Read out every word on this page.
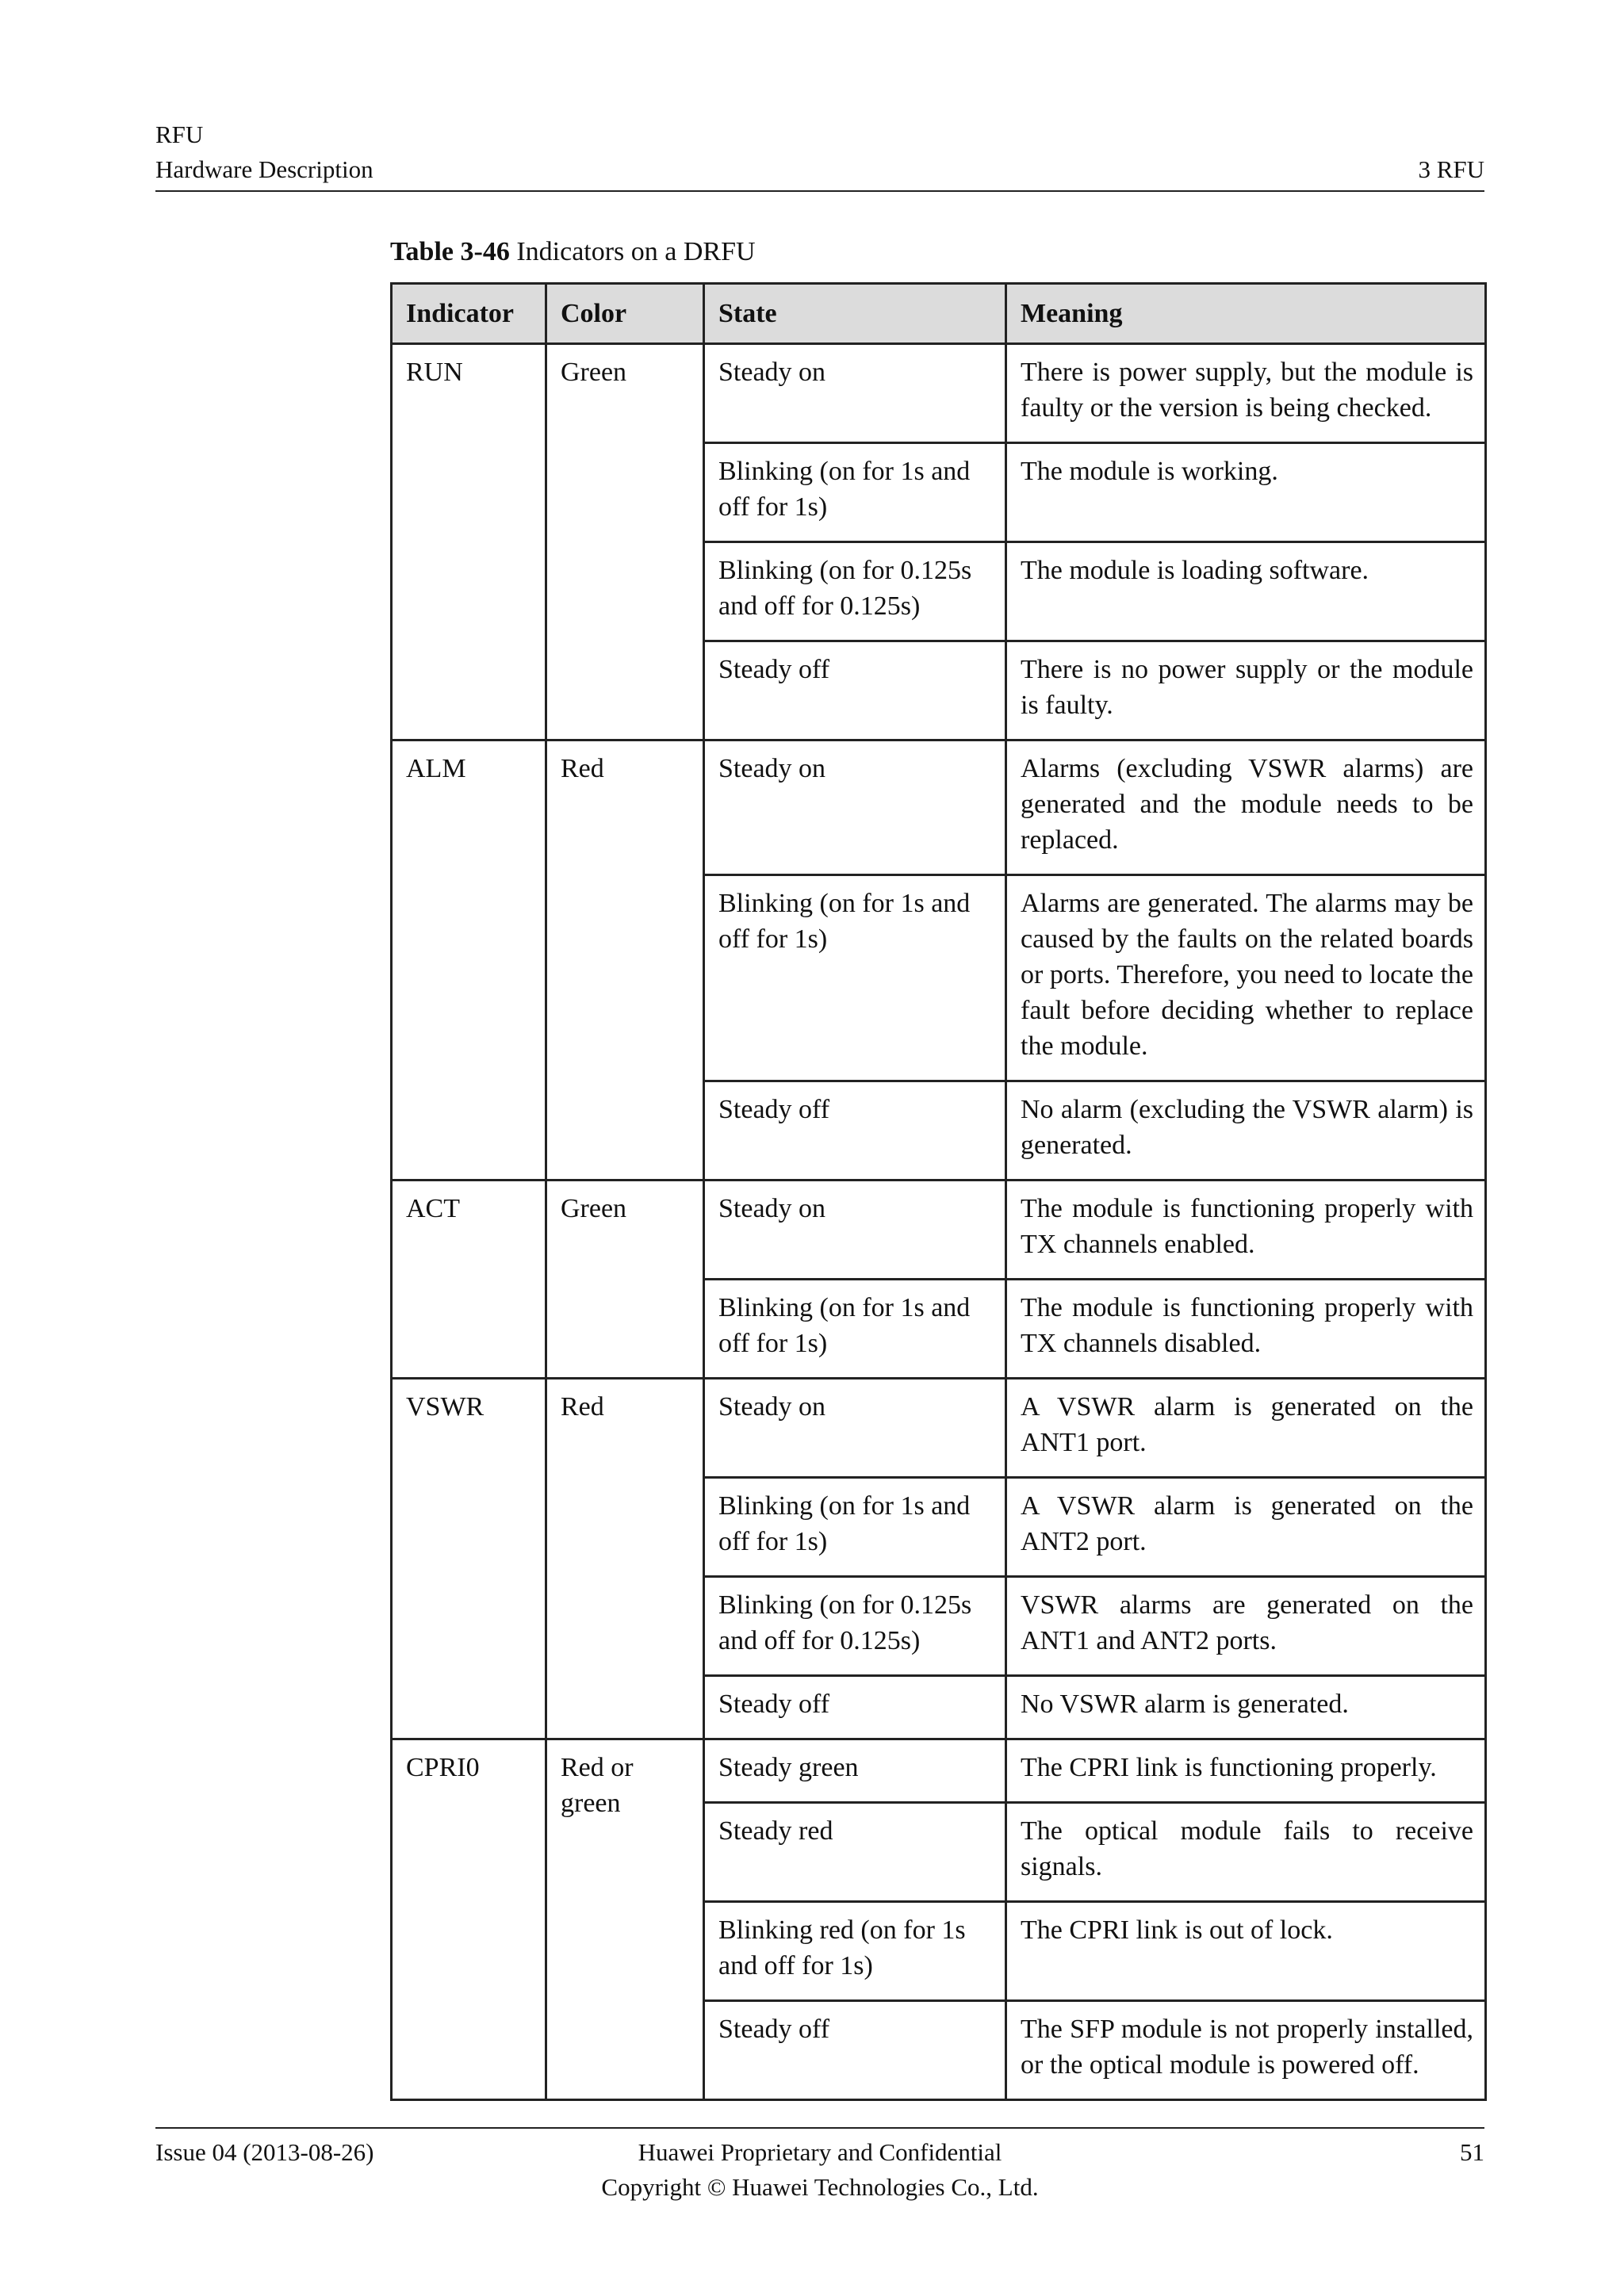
RFU
Hardware Description	3 RFU
Table 3-46 Indicators on a DRFU
Indicator	Color	State	Meaning
RUN	Green	Steady on	There is power supply, but the module is faulty or the version is being checked.
		Blinking (on for 1s and off for 1s)	The module is working.
		Blinking (on for 0.125s and off for 0.125s)	The module is loading software.
		Steady off	There is no power supply or the module is faulty.
ALM	Red	Steady on	Alarms (excluding VSWR alarms) are generated and the module needs to be replaced.
		Blinking (on for 1s and off for 1s)	Alarms are generated. The alarms may be caused by the faults on the related boards or ports. Therefore, you need to locate the fault before deciding whether to replace the module.
		Steady off	No alarm (excluding the VSWR alarm) is generated.
ACT	Green	Steady on	The module is functioning properly with TX channels enabled.
		Blinking (on for 1s and off for 1s)	The module is functioning properly with TX channels disabled.
VSWR	Red	Steady on	A VSWR alarm is generated on the ANT1 port.
		Blinking (on for 1s and off for 1s)	A VSWR alarm is generated on the ANT2 port.
		Blinking (on for 0.125s and off for 0.125s)	VSWR alarms are generated on the ANT1 and ANT2 ports.
		Steady off	No VSWR alarm is generated.
CPRI0	Red or green	Steady green	The CPRI link is functioning properly.
		Steady red	The optical module fails to receive signals.
		Blinking red (on for 1s and off for 1s)	The CPRI link is out of lock.
		Steady off	The SFP module is not properly installed, or the optical module is powered off.
Issue 04 (2013-08-26)	Huawei Proprietary and Confidential
Copyright © Huawei Technologies Co., Ltd.
51
